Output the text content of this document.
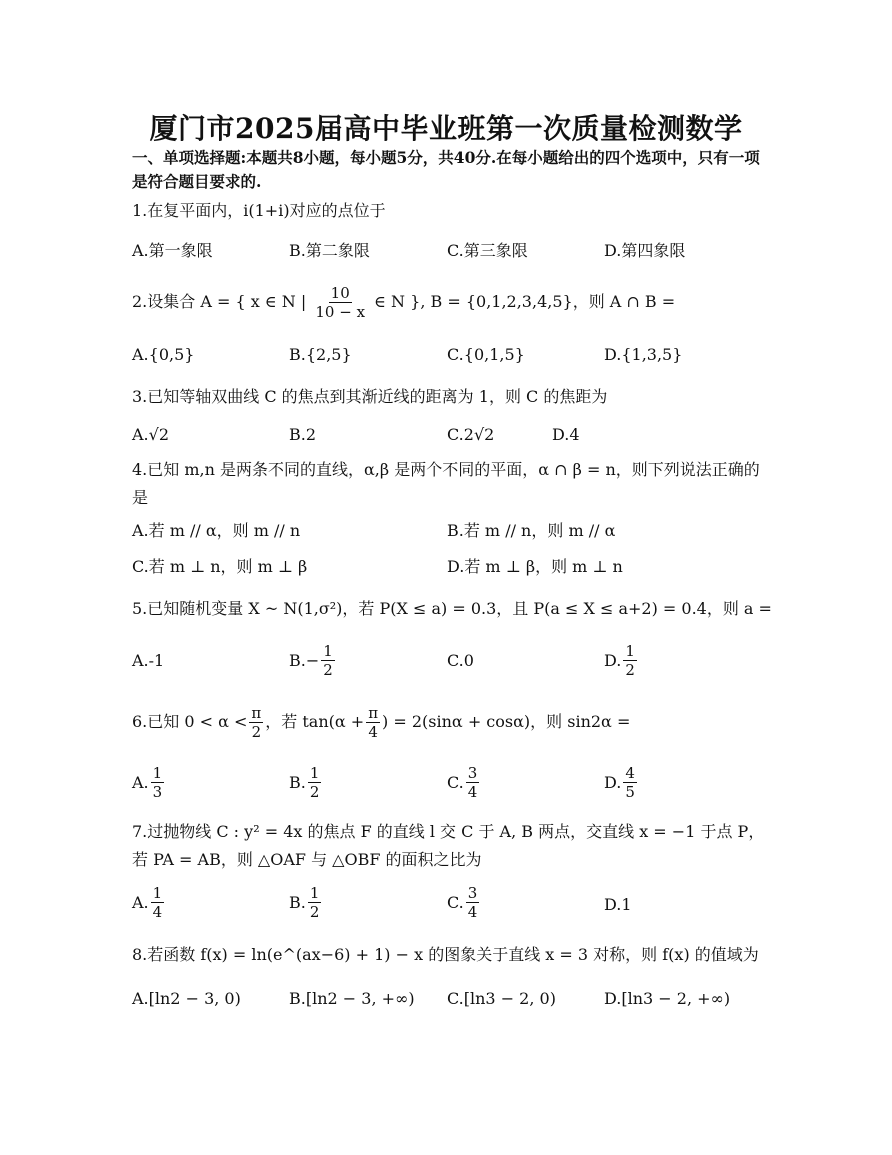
厦门市2025届高中毕业班第一次质量检测数学
一、单项选择题:本题共8小题，每小题5分，共40分.在每小题给出的四个选项中，只有一项是符合题目要求的.
1.在复平面内，i(1+i)对应的点位于
A.第一象限	B.第二象限	C.第三象限	D.第四象限
2.设集合 A = { x ∈ N | $\frac{10}{10 - x}$ ∈ N }, B = {0,1,2,3,4,5}，则 A ∩ B =
A.{0,5}	B.{2,5}	C.{0,1,5}	D.{1,3,5}
3.已知等轴双曲线 C 的焦点到其渐近线的距离为 1，则 C 的焦距为
A.√2	B.2	C.2√2	D.4
4.已知 m,n 是两条不同的直线，α,β 是两个不同的平面，α ∩ β = n，则下列说法正确的是
A.若 m // α，则 m // n	B.若 m // n，则 m // α
C.若 m ⊥ n，则 m ⊥ β	D.若 m ⊥ β，则 m ⊥ n
5.已知随机变量 X ~ N(1,σ²)，若 P(X ≤ a) = 0.3，且 P(a ≤ X ≤ a+2) = 0.4，则 a =
A.-1	$B.- \frac{1}{2}$	C.0	D. $\frac{1}{2}$
6.已知 $0 < \alpha < \frac{\pi}{2}$ ，若 $\tan(\alpha + \frac{\pi}{4}$ ) = 2(sinα + cosα)，则 sin2α =
A. $\frac{1}{3}$	B. $\frac{1}{2}$	C. $\frac{3}{4}$	D. $\frac{4}{5}$
7.过抛物线 C : y² = 4x 的焦点 F 的直线 l 交 C 于 A, B 两点，交直线 x = −1 于点 P，若 PA = AB，则 △OAF 与 △OBF 的面积之比为
A. $\frac{1}{4}$	B. $\frac{1}{2}$	C. $\frac{3}{4}$	D.1
8.若函数 f(x) = ln(e^(ax−6) + 1) − x 的图象关于直线 x = 3 对称，则 f(x) 的值域为
A.[ln2 − 3, 0)	B.[ln2 − 3, +∞) C.[ln3 − 2, 0)	D.[ln3 − 2, +∞)
